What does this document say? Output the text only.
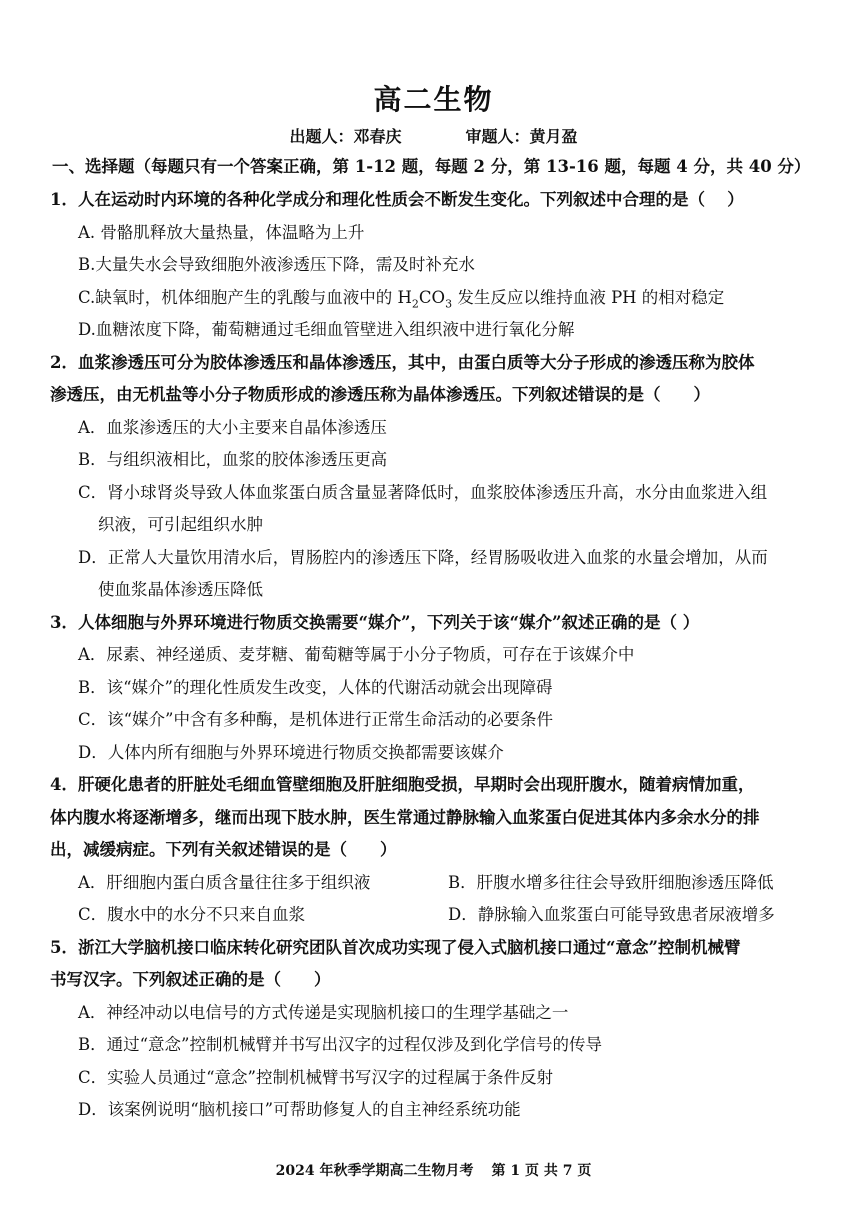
高二生物
出题人：邓春庆	审题人：黄月盈
一、选择题（每题只有一个答案正确，第 1-12 题，每题 2 分，第 13-16 题，每题 4 分，共 40 分）
1．人在运动时内环境的各种化学成分和理化性质会不断发生变化。下列叙述中合理的是（　 ）
A. 骨骼肌释放大量热量，体温略为上升
B.大量失水会导致细胞外液渗透压下降，需及时补充水
C.缺氧时，机体细胞产生的乳酸与血液中的 $H_2CO_3$ 发生反应以维持血液 PH 的相对稳定
D.血糖浓度下降，葡萄糖通过毛细血管壁进入组织液中进行氧化分解
2．血浆渗透压可分为胶体渗透压和晶体渗透压，其中，由蛋白质等大分子形成的渗透压称为胶体
渗透压，由无机盐等小分子物质形成的渗透压称为晶体渗透压。下列叙述错误的是（　　）
A．血浆渗透压的大小主要来自晶体渗透压
B．与组织液相比，血浆的胶体渗透压更高
C．肾小球肾炎导致人体血浆蛋白质含量显著降低时，血浆胶体渗透压升高，水分由血浆进入组
织液，可引起组织水肿
D．正常人大量饮用清水后，胃肠腔内的渗透压下降，经胃肠吸收进入血浆的水量会增加，从而
使血浆晶体渗透压降低
3．人体细胞与外界环境进行物质交换需要“媒介”，下列关于该“媒介”叙述正确的是（ ）
A．尿素、神经递质、麦芽糖、葡萄糖等属于小分子物质，可存在于该媒介中
B．该“媒介”的理化性质发生改变，人体的代谢活动就会出现障碍
C．该“媒介”中含有多种酶，是机体进行正常生命活动的必要条件
D．人体内所有细胞与外界环境进行物质交换都需要该媒介
4．肝硬化患者的肝脏处毛细血管壁细胞及肝脏细胞受损，早期时会出现肝腹水，随着病情加重，
体内腹水将逐渐增多，继而出现下肢水肿，医生常通过静脉输入血浆蛋白促进其体内多余水分的排
出，减缓病症。下列有关叙述错误的是（　　）
A．肝细胞内蛋白质含量往往多于组织液	B．肝腹水增多往往会导致肝细胞渗透压降低
C．腹水中的水分不只来自血浆	D．静脉输入血浆蛋白可能导致患者尿液增多
5．浙江大学脑机接口临床转化研究团队首次成功实现了侵入式脑机接口通过“意念”控制机械臂
书写汉字。下列叙述正确的是（　　）
A．神经冲动以电信号的方式传递是实现脑机接口的生理学基础之一
B．通过“意念”控制机械臂并书写出汉字的过程仅涉及到化学信号的传导
C．实验人员通过“意念”控制机械臂书写汉字的过程属于条件反射
D．该案例说明“脑机接口”可帮助修复人的自主神经系统功能
2024 年秋季学期高二生物月考 第 1 页 共 7 页
